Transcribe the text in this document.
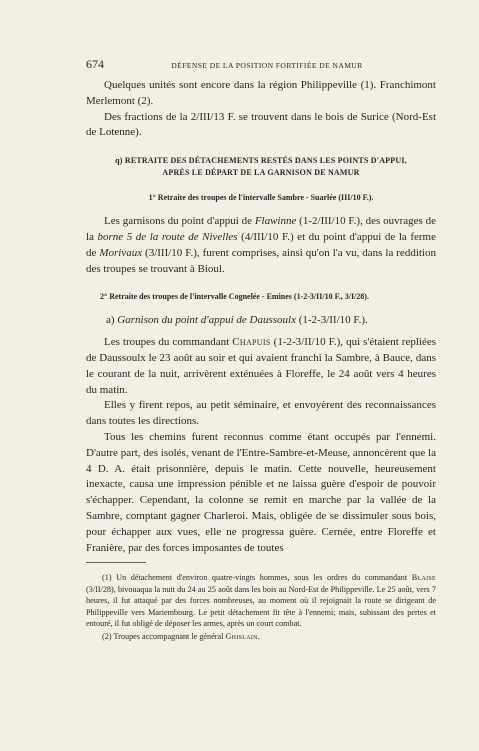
674	DÉFENSE DE LA POSITION FORTIFIÉE DE NAMUR

Quelques unités sont encore dans la région Philippeville (1). Franchimont Merlemont (2).

Des fractions de la 2/III/13 F. se trouvent dans le bois de Surice (Nord-Est de Lotenne).

q) RETRAITE DES DÉTACHEMENTS RESTÉS DANS LES POINTS D'APPUI, APRÈS LE DÉPART DE LA GARNISON DE NAMUR

1° Retraite des troupes de l'intervalle Sambre - Suarlée (III/10 F.).

Les garnisons du point d'appui de Flawinne (1-2/III/10 F.), des ouvrages de la borne 5 de la route de Nivelles (4/III/10 F.) et du point d'appui de la ferme de Morivaux (3/III/10 F.), furent comprises, ainsi qu'on l'a vu, dans la reddition des troupes se trouvant à Bioul.

2° Retraite des troupes de l'intervalle Cognelée - Emines (1-2-3/II/10 F., 3/I/28).

a) Garnison du point d'appui de Daussoulx (1-2-3/II/10 F.).

Les troupes du commandant Chapuis (1-2-3/II/10 F.), qui s'étaient repliées de Daussoulx le 23 août au soir et qui avaient franchi la Sambre, à Bauce, dans le courant de la nuit, arrivèrent exténuées à Floreffe, le 24 août vers 4 heures du matin.

Elles y firent repos, au petit séminaire, et envoyèrent des reconnaissances dans toutes les directions.

Tous les chemins furent reconnus comme étant occupés par l'ennemi. D'autre part, des isolés, venant de l'Entre-Sambre-et-Meuse, annoncèrent que la 4 D. A. était prisonnière, depuis le matin. Cette nouvelle, heureusement inexacte, causa une impression pénible et ne laissa guère d'espoir de pouvoir s'échapper. Cependant, la colonne se remit en marche par la vallée de la Sambre, comptant gagner Charleroi. Mais, obligée de se dissimuler sous bois, pour échapper aux vues, elle ne progressa guère. Cernée, entre Floreffe et Franière, par des forces imposantes de toutes

(1) Un détachement d'environ quatre-vingts hommes, sous les ordres du commandant Blaise (3/II/28), bivouaqua la nuit du 24 au 25 août dans les bois au Nord-Est de Philippeville. Le 25 août, vers 7 heures, il fut attaqué par des forces nombreuses, au moment où il rejoignait la route se dirigeant de Philippeville vers Mariembourg. Le petit détachement fit tête à l'ennemi; mais, subissant des pertes et entouré, il fut obligé de déposer les armes, après un court combat.

(2) Troupes accompagnant le général Ghislain.
